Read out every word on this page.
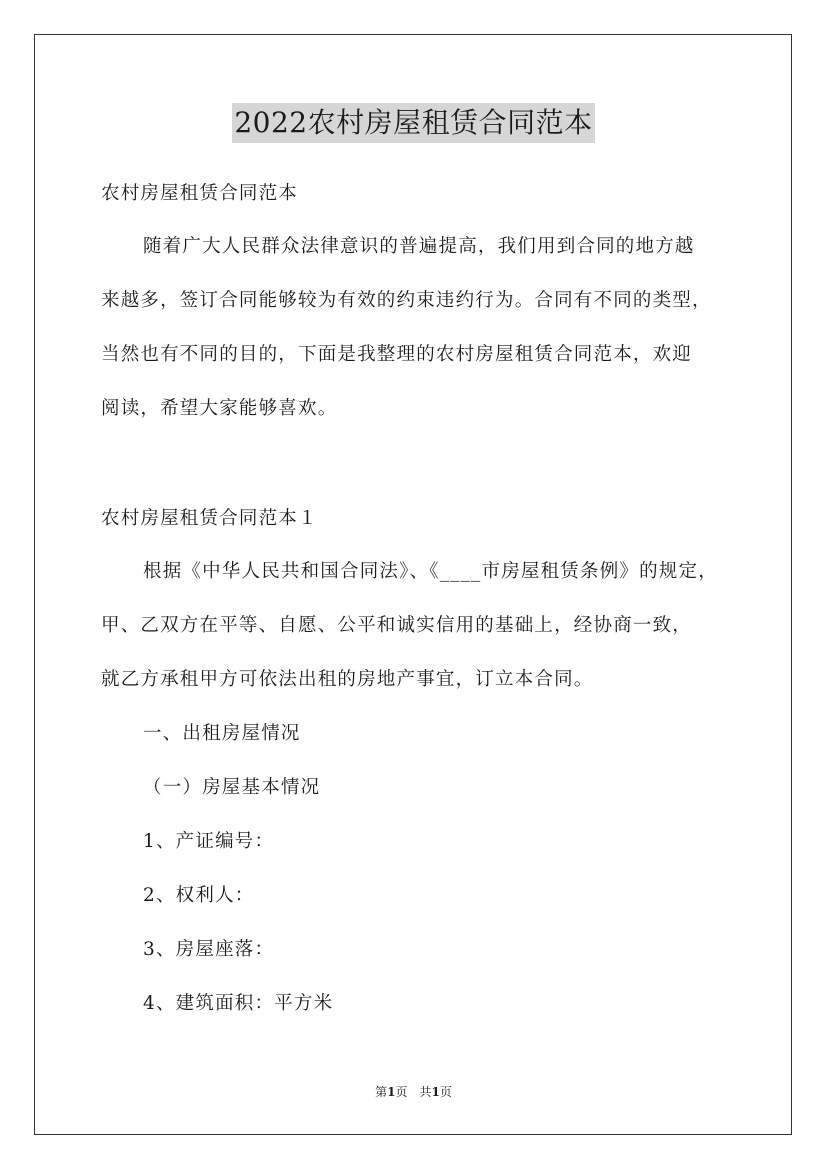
2022农村房屋租赁合同范本
农村房屋租赁合同范本
随着广大人民群众法律意识的普遍提高，我们用到合同的地方越
来越多，签订合同能够较为有效的约束违约行为。合同有不同的类型，
当然也有不同的目的，下面是我整理的农村房屋租赁合同范本，欢迎
阅读，希望大家能够喜欢。
农村房屋租赁合同范本１
根据《中华人民共和国合同法》、《____市房屋租赁条例》的规定，
甲、乙双方在平等、自愿、公平和诚实信用的基础上，经协商一致，
就乙方承租甲方可依法出租的房地产事宜，订立本合同。
一、出租房屋情况
（一）房屋基本情况
1、产证编号：
2、权利人：
3、房屋座落：
4、建筑面积：平方米
第1页　共1页
